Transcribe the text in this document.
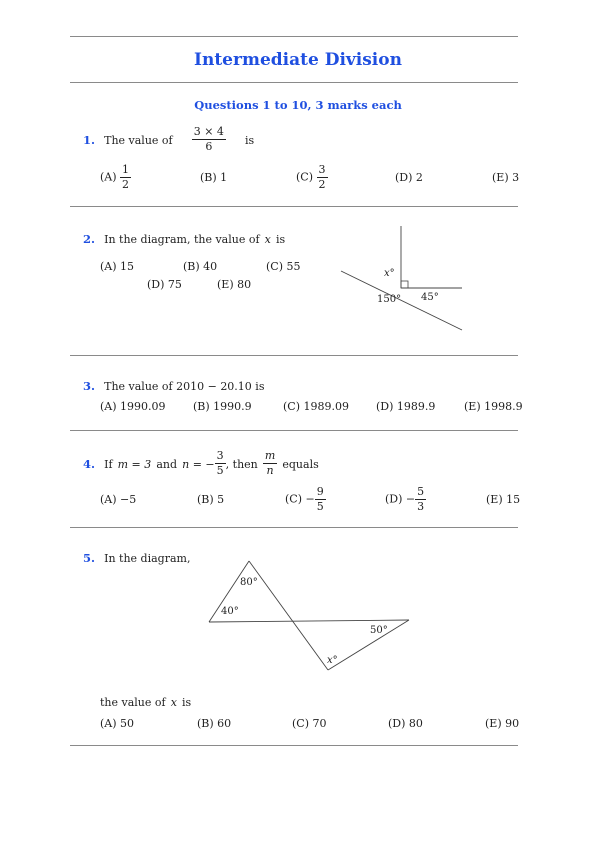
Intermediate Division
Questions 1 to 10, 3 marks each
1. The value of $\frac{3 \times 4}{6}$ is
$(A) \frac{1}{2}$	(B) 1	$(C) \frac{3}{2}$	(D) 2	(E) 3
2. In the diagram, the value of x is
(A) 15	(B) 40	(C) 55
(D) 75	(E) 80
x°
150° 45°
3. The value of 2010 − 20.10 is
(A) 1990.09 (B) 1990.9	(C) 1989.09 (D) 1989.9	(E) 1998.9
4. If m = 3 and n = − $\frac{3}{5}$ , then $\frac{m}{n}$ equals
(A) −5	(B) 5	$(C) - \frac{9}{5}$	$(D) - \frac{5}{3}$	(E) 15
5. In the diagram,
80°
40°
50°
x°
the value of x is
(A) 50	(B) 60	(C) 70	(D) 80	(E) 90
